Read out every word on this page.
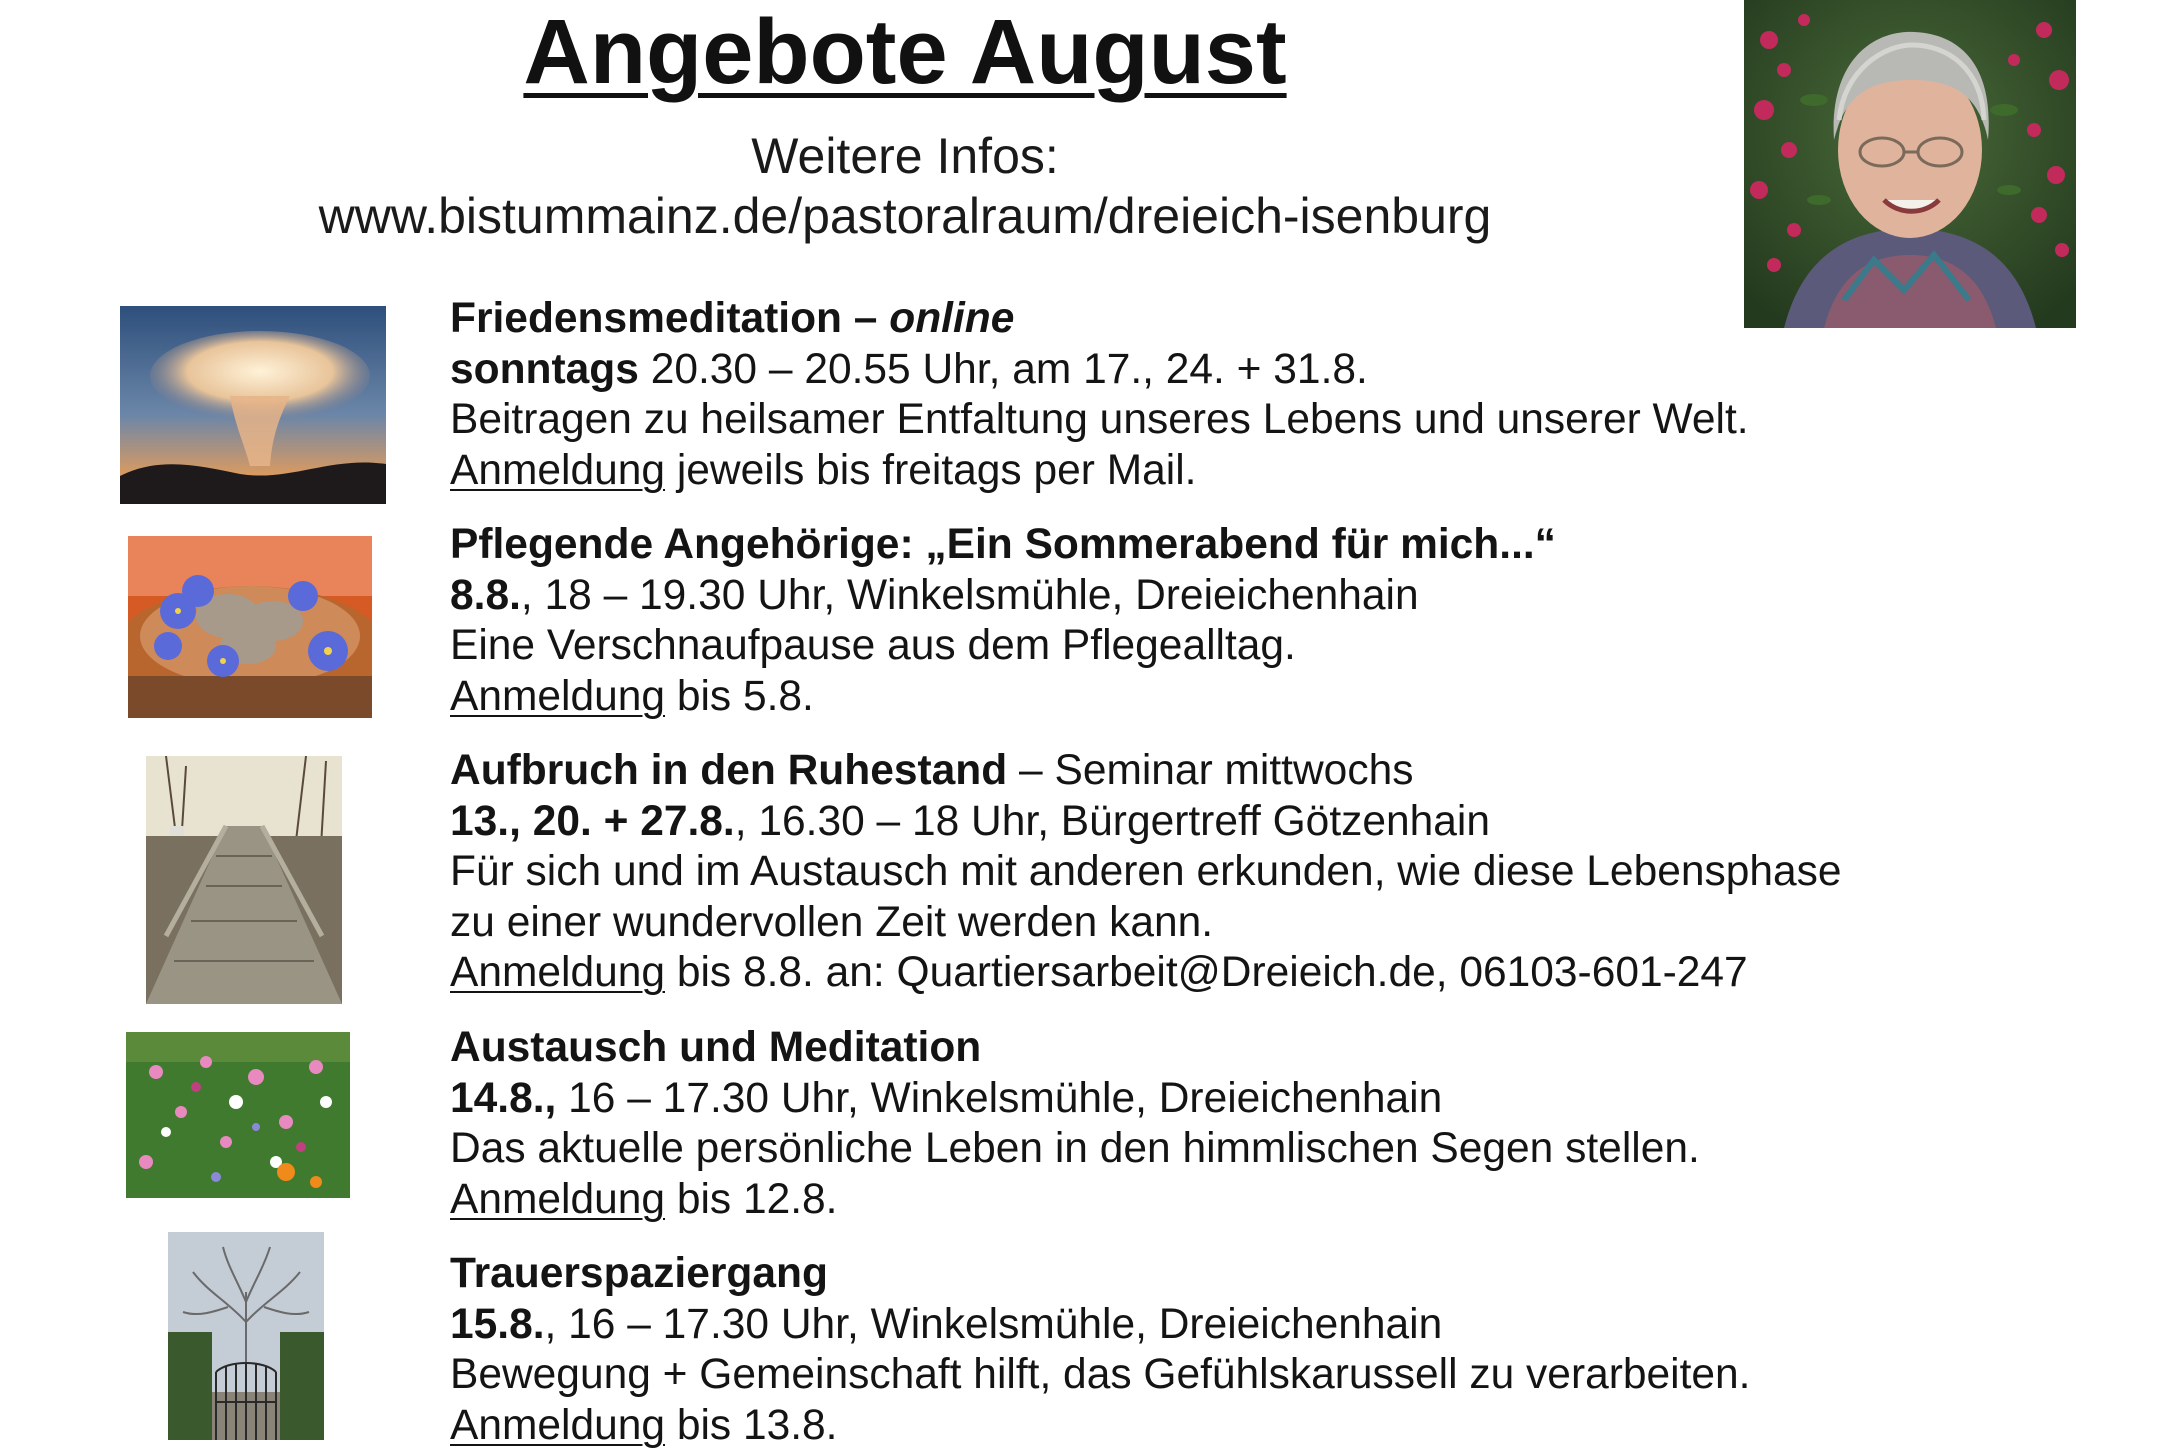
Angebote August
Weitere Infos:
www.bistummainz.de/pastoralraum/dreieich-isenburg
Friedensmeditation – online
sonntags 20.30 – 20.55 Uhr, am 17., 24. + 31.8.
Beitragen zu heilsamer Entfaltung unseres Lebens und unserer Welt.
Anmeldung jeweils bis freitags per Mail.
Pflegende Angehörige: „Ein Sommerabend für mich...“
8.8., 18 – 19.30 Uhr, Winkelsmühle, Dreieichenhain
Eine Verschnaufpause aus dem Pflegealltag.
Anmeldung bis 5.8.
Aufbruch in den Ruhestand – Seminar mittwochs
13., 20. + 27.8., 16.30 – 18 Uhr, Bürgertreff Götzenhain
Für sich und im Austausch mit anderen erkunden, wie diese Lebensphase
zu einer wundervollen Zeit werden kann.
Anmeldung bis 8.8. an: Quartiersarbeit@Dreieich.de, 06103-601-247
Austausch und Meditation
14.8., 16 – 17.30 Uhr, Winkelsmühle, Dreieichenhain
Das aktuelle persönliche Leben in den himmlischen Segen stellen.
Anmeldung bis 12.8.
Trauerspaziergang
15.8., 16 – 17.30 Uhr, Winkelsmühle, Dreieichenhain
Bewegung + Gemeinschaft hilft, das Gefühlskarussell zu verarbeiten.
Anmeldung bis 13.8.
